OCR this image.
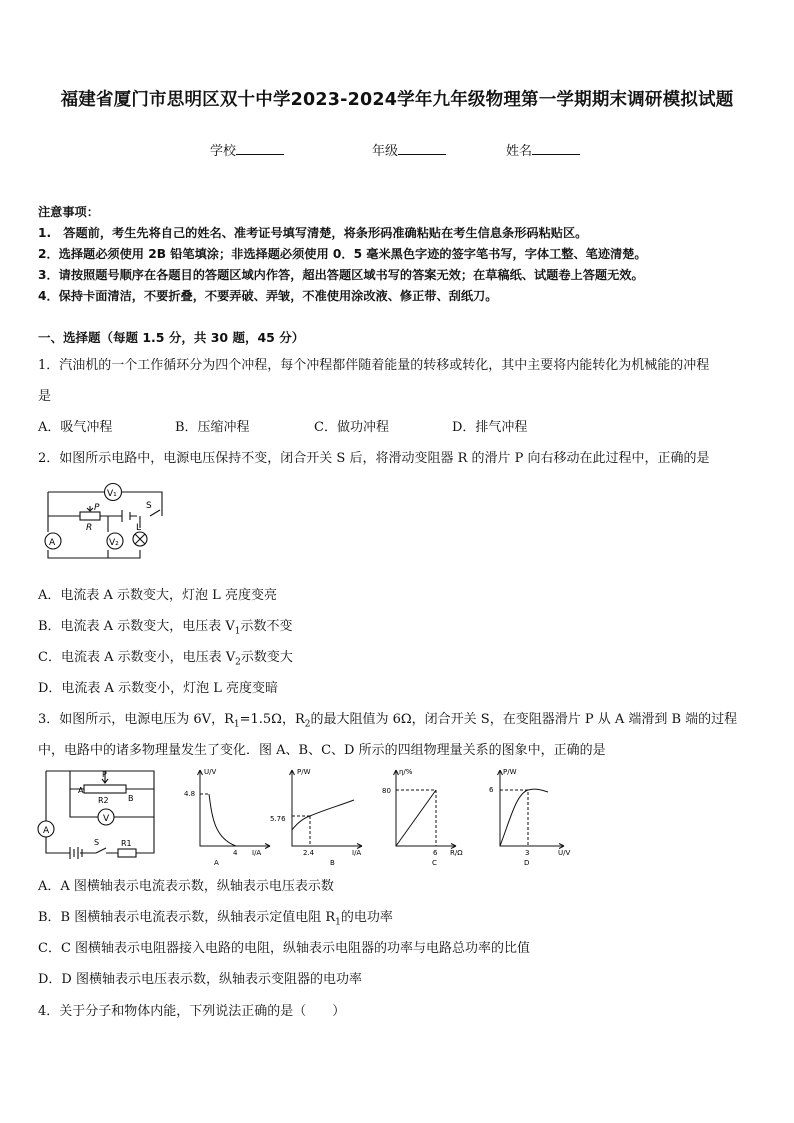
福建省厦门市思明区双十中学2023-2024学年九年级物理第一学期期末调研模拟试题
学校	年级	姓名
注意事项：
1.　答题前，考生先将自己的姓名、准考证号填写清楚，将条形码准确粘贴在考生信息条形码粘贴区。
2．选择题必须使用 2B 铅笔填涂；非选择题必须使用 0．5 毫米黑色字迹的签字笔书写，字体工整、笔迹清楚。
3．请按照题号顺序在各题目的答题区域内作答，超出答题区域书写的答案无效；在草稿纸、试题卷上答题无效。
4．保持卡面清洁，不要折叠，不要弄破、弄皱，不准使用涂改液、修正带、刮纸刀。
一、选择题（每题 1.5 分，共 30 题，45 分）
1．汽油机的一个工作循环分为四个冲程，每个冲程都伴随着能量的转移或转化，其中主要将内能转化为机械能的冲程
是
A．吸气冲程	B．压缩冲程	C．做功冲程	D．排气冲程
2．如图所示电路中，电源电压保持不变，闭合开关 S 后，将滑动变阻器 R 的滑片 P 向右移动在此过程中，正确的是
V₁
A	V₂
P
R
S
L
A．电流表 A 示数变大，灯泡 L 亮度变亮
B．电流表 A 示数变大，电压表 $V_1$示数不变
C．电流表 A 示数变小，电压表 $V_2$示数变大
D．电流表 A 示数变小，灯泡 L 亮度变暗
3．如图所示，电源电压为 6V，$R_1=1.5\Omega$，$R_2$的最大阻值为 6Ω，闭合开关 S，在变阻器滑片 P 从 A 端滑到 B 端的过程
中，电路中的诸多物理量发生了变化．图 A、B、C、D 所示的四组物理量关系的图象中，正确的是
P
A
B
R2
A
V
S	R1
U/V
4.8
4 I/A
A
P/W
5.76
2.4	I/A
B
η/%
80
6 R/Ω
C
P/W
6
3	U/V
D
A．A 图横轴表示电流表示数，纵轴表示电压表示数
B．B 图横轴表示电流表示数，纵轴表示定值电阻 $R_1$的电功率
C．C 图横轴表示电阻器接入电路的电阻，纵轴表示电阻器的功率与电路总功率的比值
D．D 图横轴表示电压表示数，纵轴表示变阻器的电功率
4．关于分子和物体内能，下列说法正确的是（　　）
